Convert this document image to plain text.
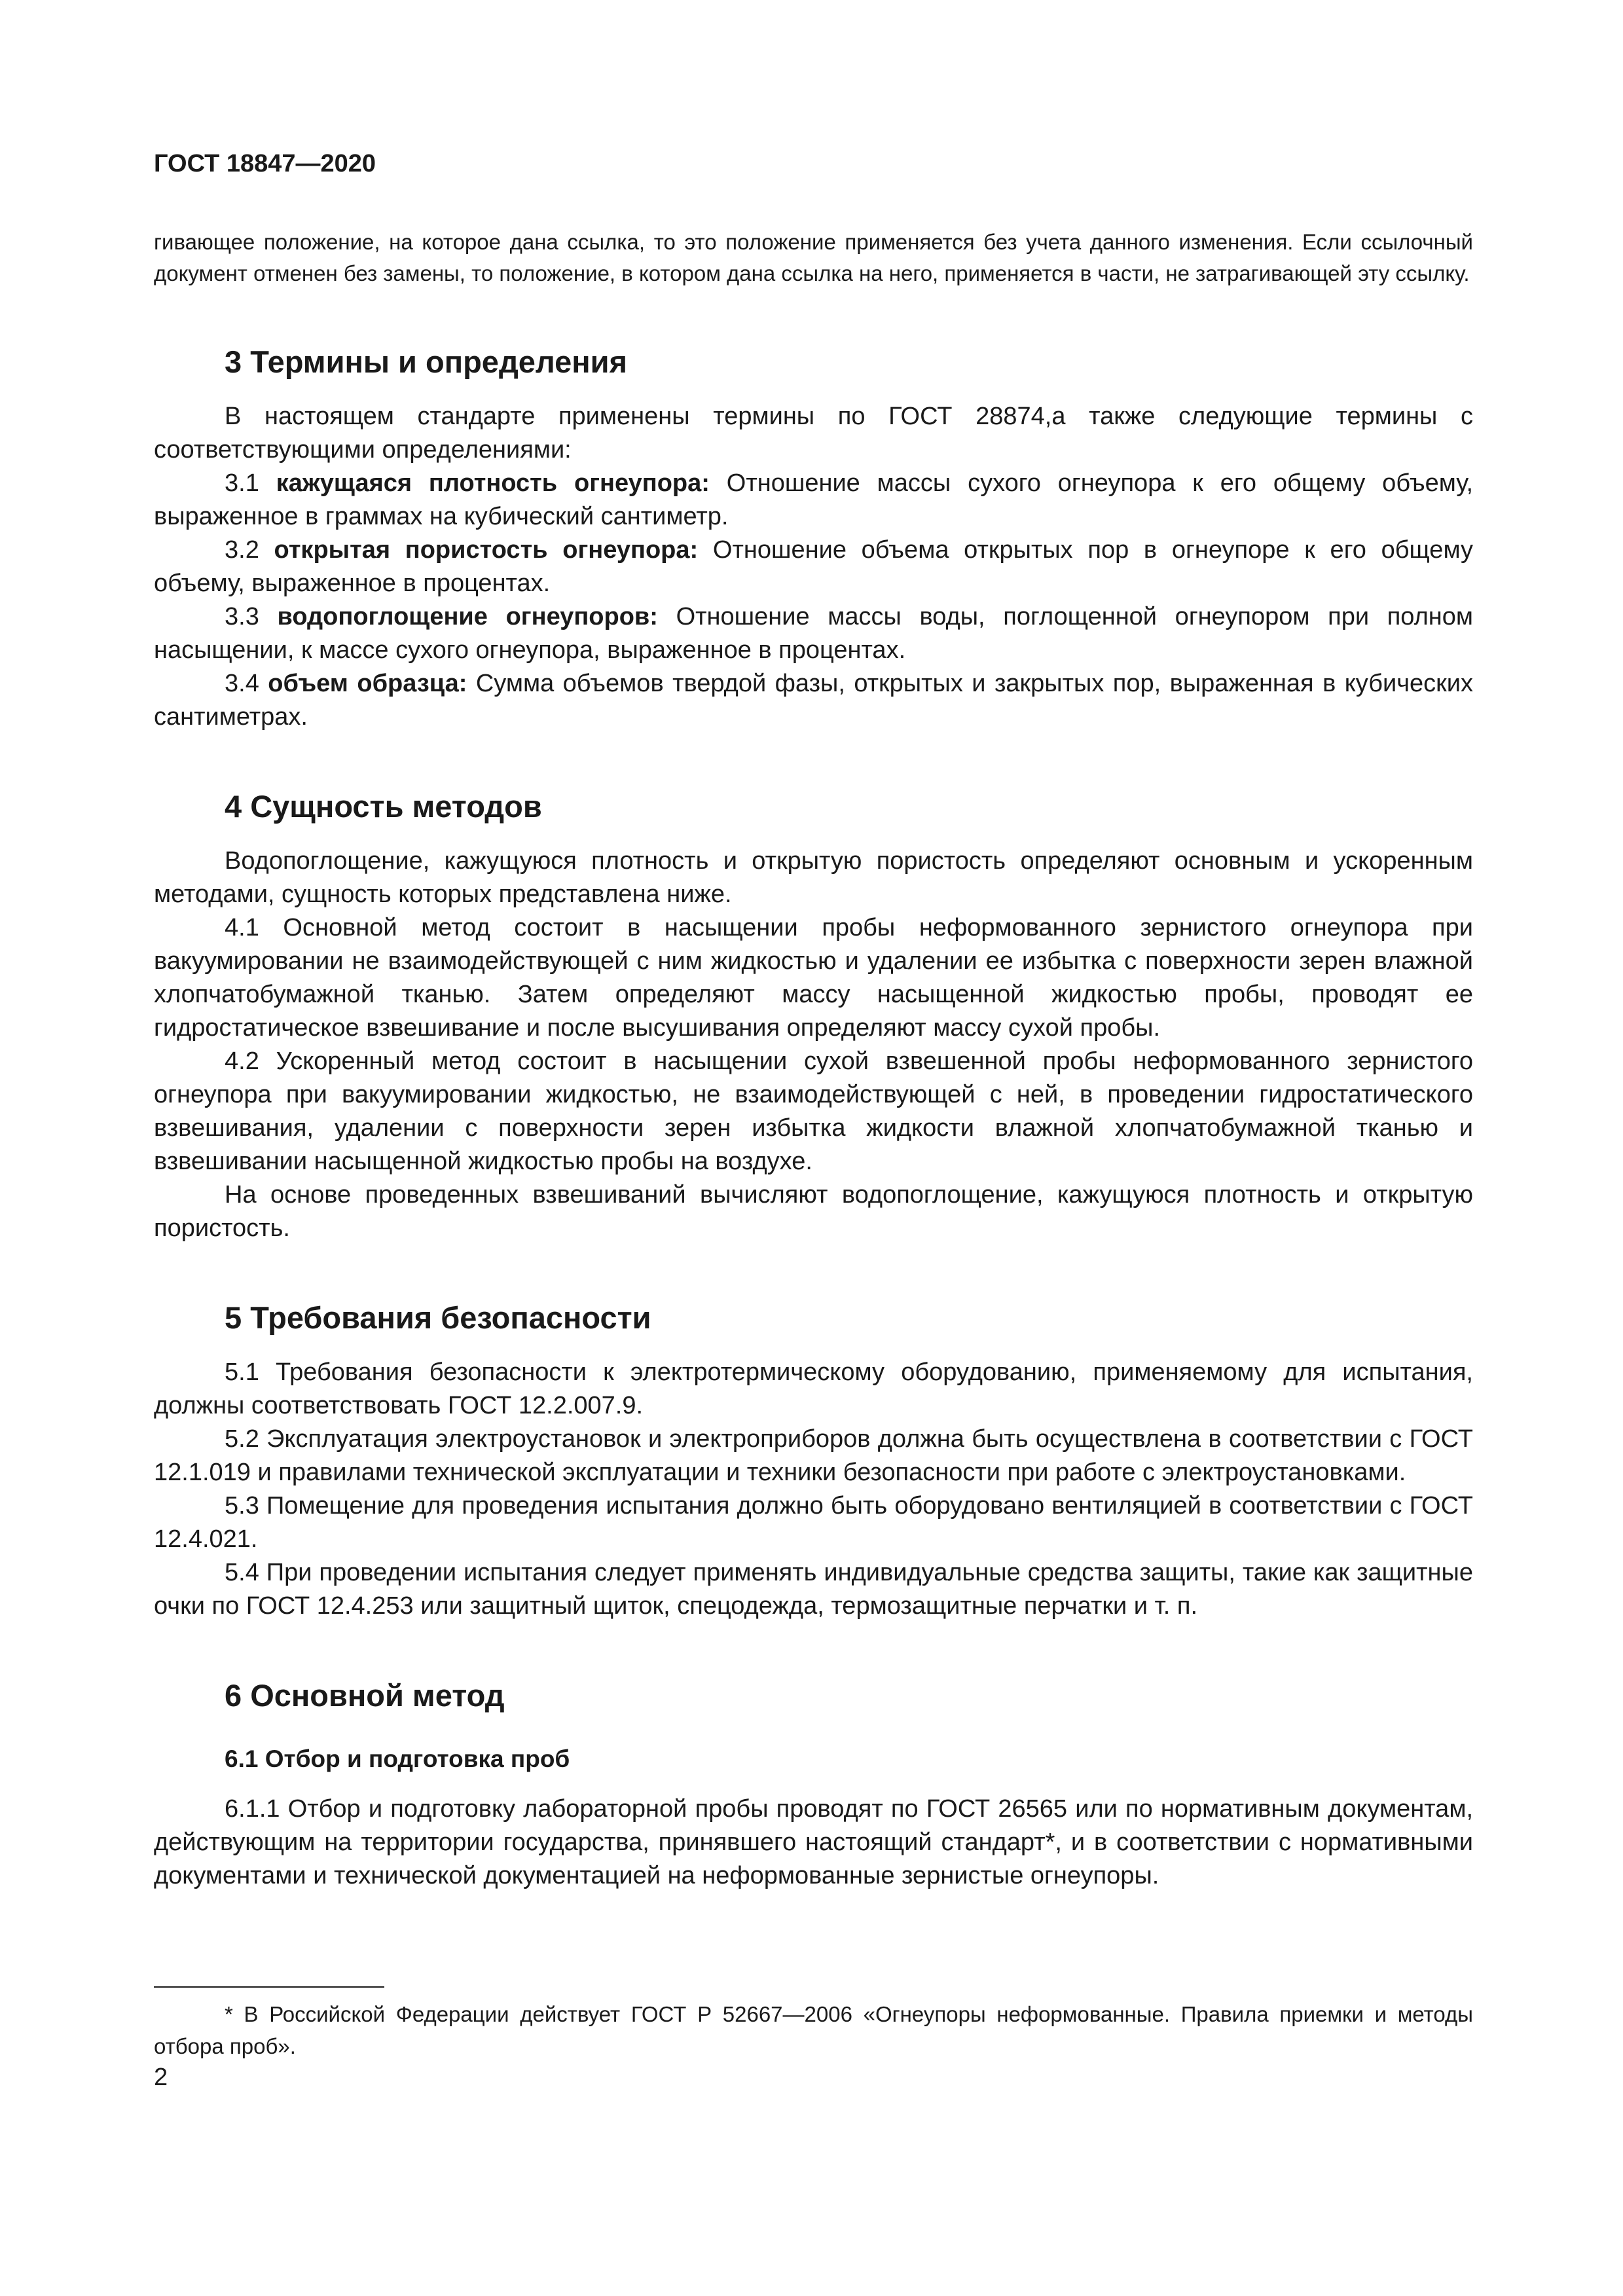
ГОСТ 18847—2020

гивающее положение, на которое дана ссылка, то это положение применяется без учета данного изменения. Если ссылочный документ отменен без замены, то положение, в котором дана ссылка на него, применяется в части, не затрагивающей эту ссылку.

3 Термины и определения

В настоящем стандарте применены термины по ГОСТ 28874,а также следующие термины с соответствующими определениями:

3.1 кажущаяся плотность огнеупора: Отношение массы сухого огнеупора к его общему объему, выраженное в граммах на кубический сантиметр.

3.2 открытая пористость огнеупора: Отношение объема открытых пор в огнеупоре к его общему объему, выраженное в процентах.

3.3 водопоглощение огнеупоров: Отношение массы воды, поглощенной огнеупором при полном насыщении, к массе сухого огнеупора, выраженное в процентах.

3.4 объем образца: Сумма объемов твердой фазы, открытых и закрытых пор, выраженная в кубических сантиметрах.

4 Сущность методов

Водопоглощение, кажущуюся плотность и открытую пористость определяют основным и ускоренным методами, сущность которых представлена ниже.

4.1 Основной метод состоит в насыщении пробы неформованного зернистого огнеупора при вакуумировании не взаимодействующей с ним жидкостью и удалении ее избытка с поверхности зерен влажной хлопчатобумажной тканью. Затем определяют массу насыщенной жидкостью пробы, проводят ее гидростатическое взвешивание и после высушивания определяют массу сухой пробы.

4.2 Ускоренный метод состоит в насыщении сухой взвешенной пробы неформованного зернистого огнеупора при вакуумировании жидкостью, не взаимодействующей с ней, в проведении гидростатического взвешивания, удалении с поверхности зерен избытка жидкости влажной хлопчатобумажной тканью и взвешивании насыщенной жидкостью пробы на воздухе.

На основе проведенных взвешиваний вычисляют водопоглощение, кажущуюся плотность и открытую пористость.

5 Требования безопасности

5.1 Требования безопасности к электротермическому оборудованию, применяемому для испытания, должны соответствовать ГОСТ 12.2.007.9.

5.2 Эксплуатация электроустановок и электроприборов должна быть осуществлена в соответствии с ГОСТ 12.1.019 и правилами технической эксплуатации и техники безопасности при работе с электроустановками.

5.3 Помещение для проведения испытания должно быть оборудовано вентиляцией в соответствии с ГОСТ 12.4.021.

5.4 При проведении испытания следует применять индивидуальные средства защиты, такие как защитные очки по ГОСТ 12.4.253 или защитный щиток, спецодежда, термозащитные перчатки и т. п.

6 Основной метод
6.1 Отбор и подготовка проб

6.1.1 Отбор и подготовку лабораторной пробы проводят по ГОСТ 26565 или по нормативным документам, действующим на территории государства, принявшего настоящий стандарт*, и в соответствии с нормативными документами и технической документацией на неформованные зернистые огнеупоры.

* В Российской Федерации действует ГОСТ Р 52667—2006 «Огнеупоры неформованные. Правила приемки и методы отбора проб».
2
